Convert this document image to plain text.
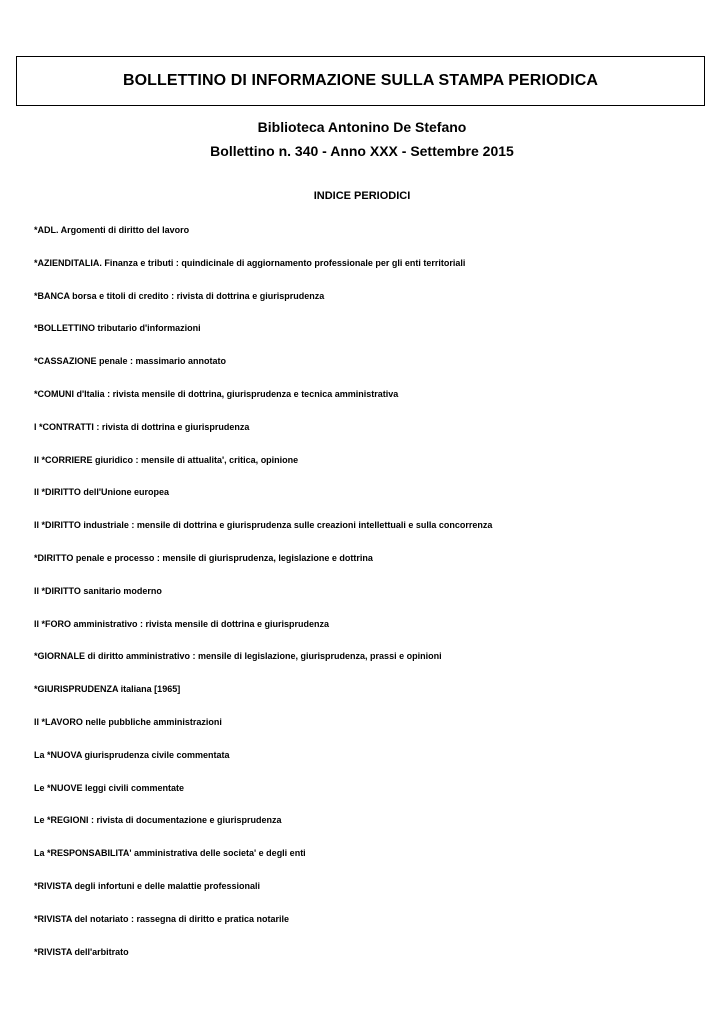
BOLLETTINO DI INFORMAZIONE SULLA STAMPA PERIODICA

Biblioteca Antonino De Stefano

Bollettino n. 340 - Anno XXX - Settembre 2015

INDICE PERIODICI

*ADL. Argomenti di diritto del lavoro
*AZIENDITALIA. Finanza e tributi : quindicinale di aggiornamento professionale per gli enti territoriali
*BANCA borsa e titoli di credito : rivista di dottrina e giurisprudenza
*BOLLETTINO tributario d'informazioni
*CASSAZIONE penale : massimario annotato
*COMUNI d'Italia : rivista mensile di dottrina, giurisprudenza e tecnica amministrativa
I *CONTRATTI : rivista di dottrina e giurisprudenza
Il *CORRIERE giuridico : mensile di attualita', critica, opinione
Il *DIRITTO dell'Unione europea
Il *DIRITTO industriale : mensile di dottrina e giurisprudenza sulle creazioni intellettuali e sulla concorrenza
*DIRITTO penale e processo : mensile di giurisprudenza, legislazione e dottrina
Il *DIRITTO sanitario moderno
Il *FORO amministrativo : rivista mensile di dottrina e giurisprudenza
*GIORNALE di diritto amministrativo : mensile di legislazione, giurisprudenza, prassi e opinioni
*GIURISPRUDENZA italiana [1965]
Il *LAVORO nelle pubbliche amministrazioni
La *NUOVA giurisprudenza civile commentata
Le *NUOVE leggi civili commentate
Le *REGIONI : rivista di documentazione e giurisprudenza
La *RESPONSABILITA' amministrativa delle societa' e degli enti
*RIVISTA degli infortuni e delle malattie professionali
*RIVISTA del notariato : rassegna di diritto e pratica notarile
*RIVISTA dell'arbitrato
